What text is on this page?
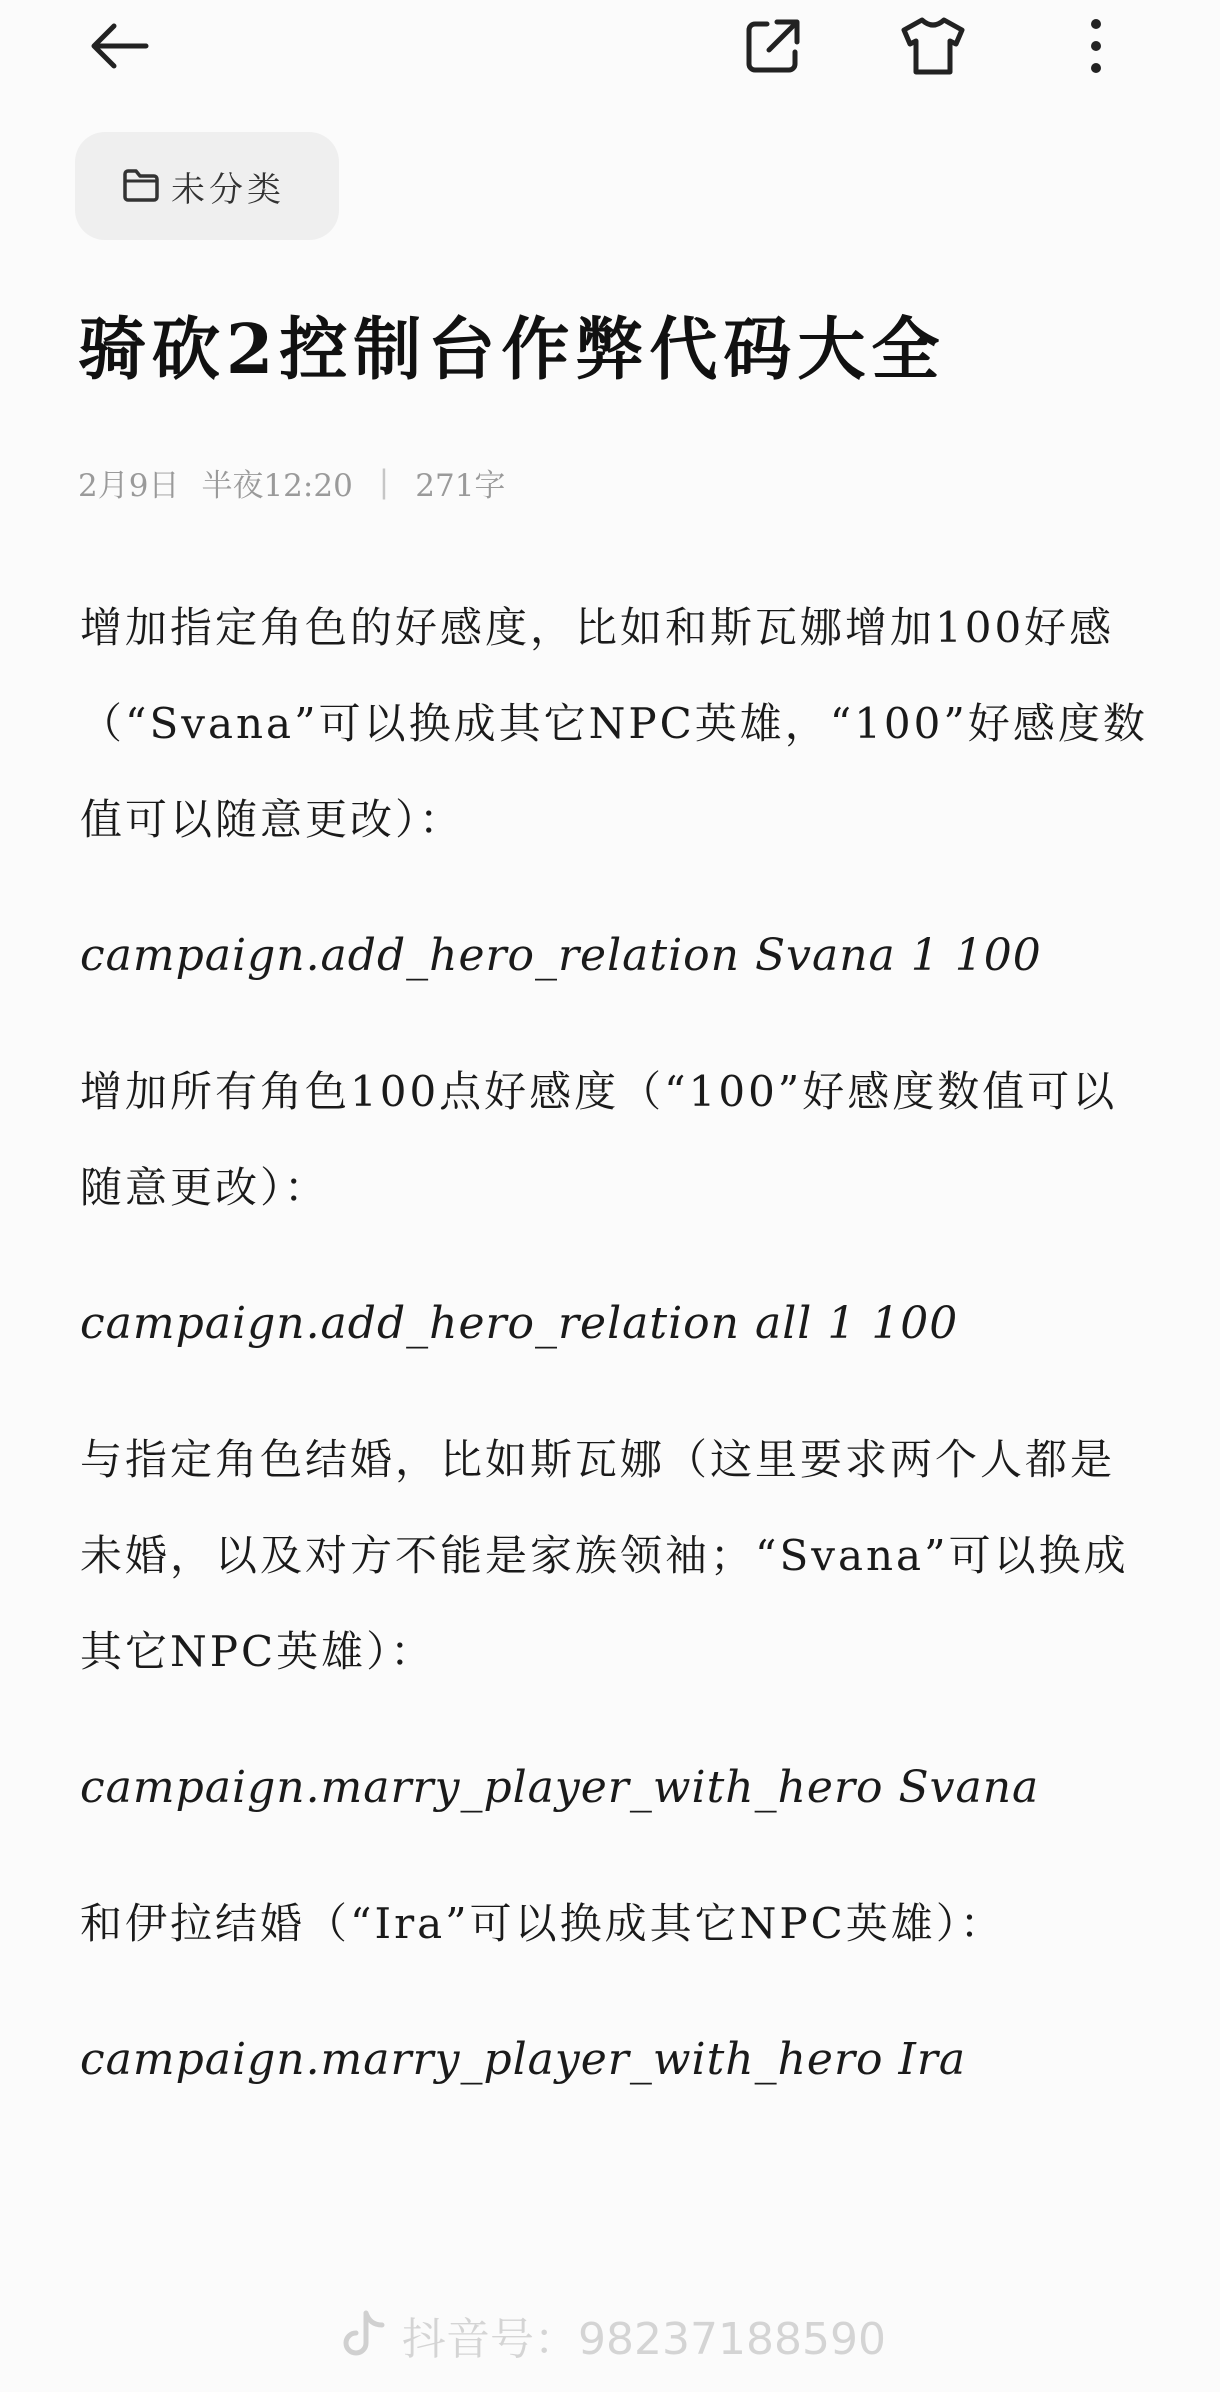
未分类
骑砍2控制台作弊代码大全
2月9日 半夜12:20 | 271字

增加指定角色的好感度，比如和斯瓦娜增加100好感（“Svana”可以换成其它NPC英雄，“100”好感度数值可以随意更改）：

campaign.add_hero_relation Svana 1 100

增加所有角色100点好感度（“100”好感度数值可以随意更改）：

campaign.add_hero_relation all 1 100

与指定角色结婚，比如斯瓦娜（这里要求两个人都是未婚，以及对方不能是家族领袖；“Svana”可以换成其它NPC英雄）：

campaign.marry_player_with_hero Svana

和伊拉结婚（“Ira”可以换成其它NPC英雄）：

campaign.marry_player_with_hero Ira

抖音号：98237188590
